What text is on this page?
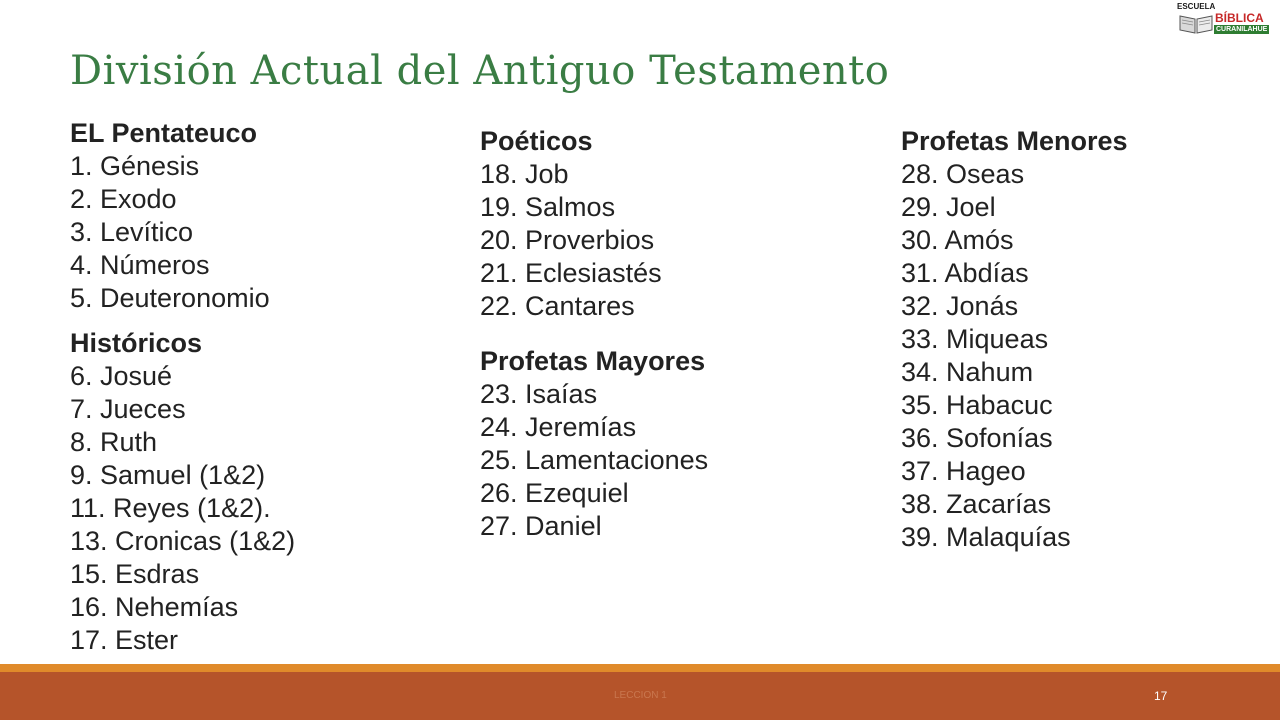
División Actual del Antiguo Testamento
ESCUELA
BÍBLICA
CURANILAHUE
EL Pentateuco
1. Génesis
2. Exodo
3. Levítico
4. Números
5. Deuteronomio
Históricos
6. Josué
7. Jueces
8. Ruth
9. Samuel (1&2)
11. Reyes (1&2).
13. Cronicas (1&2)
15. Esdras
16. Nehemías
17. Ester
Poéticos
18. Job
19. Salmos
20. Proverbios
21. Eclesiastés
22. Cantares
Profetas Mayores
23. Isaías
24. Jeremías
25. Lamentaciones
26. Ezequiel
27. Daniel
Profetas Menores
28. Oseas
29. Joel
30. Amós
31. Abdías
32. Jonás
33. Miqueas
34. Nahum
35. Habacuc
36. Sofonías
37. Hageo
38. Zacarías
39. Malaquías
LECCION 1	17
